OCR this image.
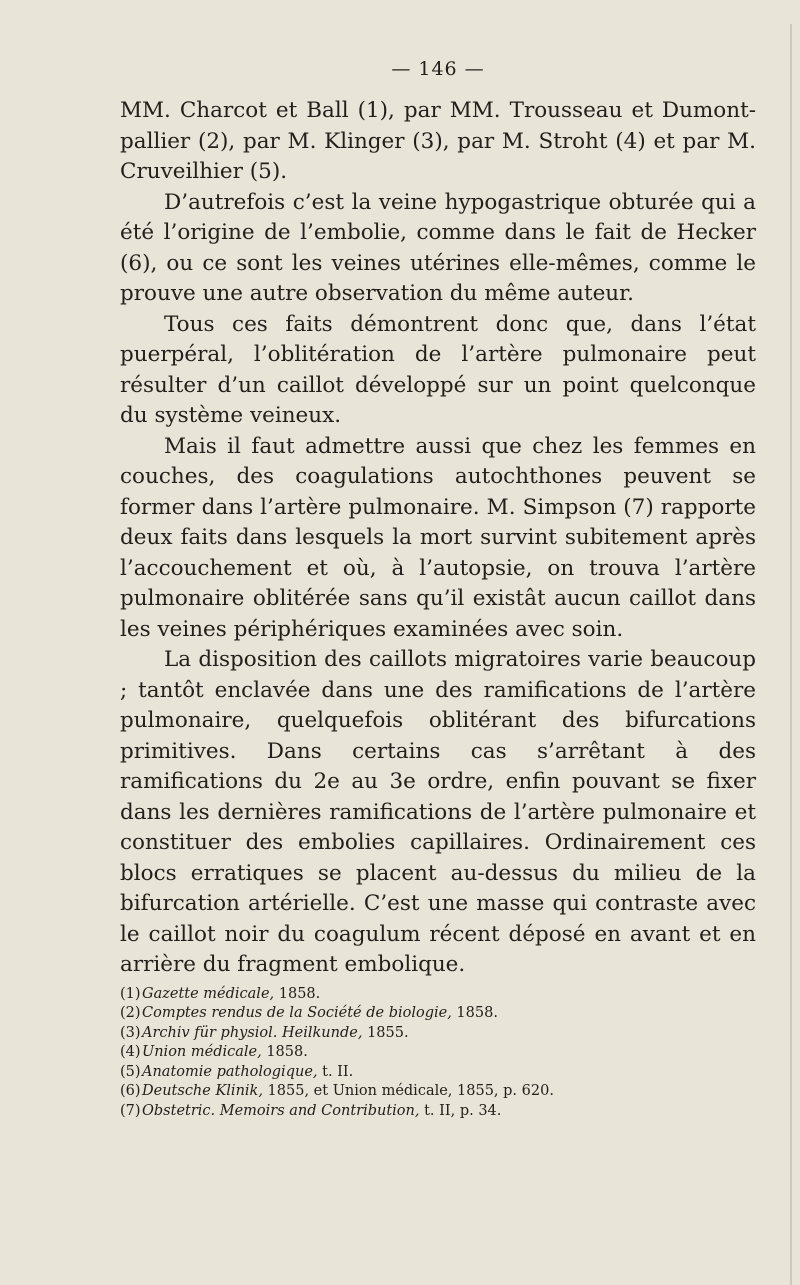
— 146 —

MM. Charcot et Ball (1), par MM. Trousseau et Dumont-pallier (2), par M. Klinger (3), par M. Stroht (4) et par M. Cruveilhier (5).

D’autrefois c’est la veine hypogastrique obturée qui a été l’origine de l’embolie, comme dans le fait de Hecker (6), ou ce sont les veines utérines elle-mêmes, comme le prouve une autre observation du même auteur.

Tous ces faits démontrent donc que, dans l’état puerpéral, l’oblitération de l’artère pulmonaire peut résulter d’un caillot développé sur un point quelconque du système veineux.

Mais il faut admettre aussi que chez les femmes en couches, des coagulations autochthones peuvent se former dans l’artère pulmonaire. M. Simpson (7) rapporte deux faits dans lesquels la mort survint subitement après l’accouchement et où, à l’autopsie, on trouva l’artère pulmonaire oblitérée sans qu’il existât aucun caillot dans les veines périphériques examinées avec soin.

La disposition des caillots migratoires varie beaucoup ; tantôt enclavée dans une des ramifications de l’artère pulmonaire, quelquefois oblitérant des bifurcations primitives. Dans certains cas s’arrêtant à des ramifications du 2e au 3e ordre, enfin pouvant se fixer dans les dernières ramifications de l’artère pulmonaire et constituer des embolies capillaires. Ordinairement ces blocs erratiques se placent au-dessus du milieu de la bifurcation artérielle. C’est une masse qui contraste avec le caillot noir du coagulum récent déposé en avant et en arrière du fragment embolique.

(1)Gazette médicale, 1858.

(2)Comptes rendus de la Société de biologie, 1858.

(3)Archiv für physiol. Heilkunde, 1855.

(4)Union médicale, 1858.

(5)Anatomie pathologique, t. II.

(6)Deutsche Klinik, 1855, et Union médicale, 1855, p. 620.

(7)Obstetric. Memoirs and Contribution, t. II, p. 34.
